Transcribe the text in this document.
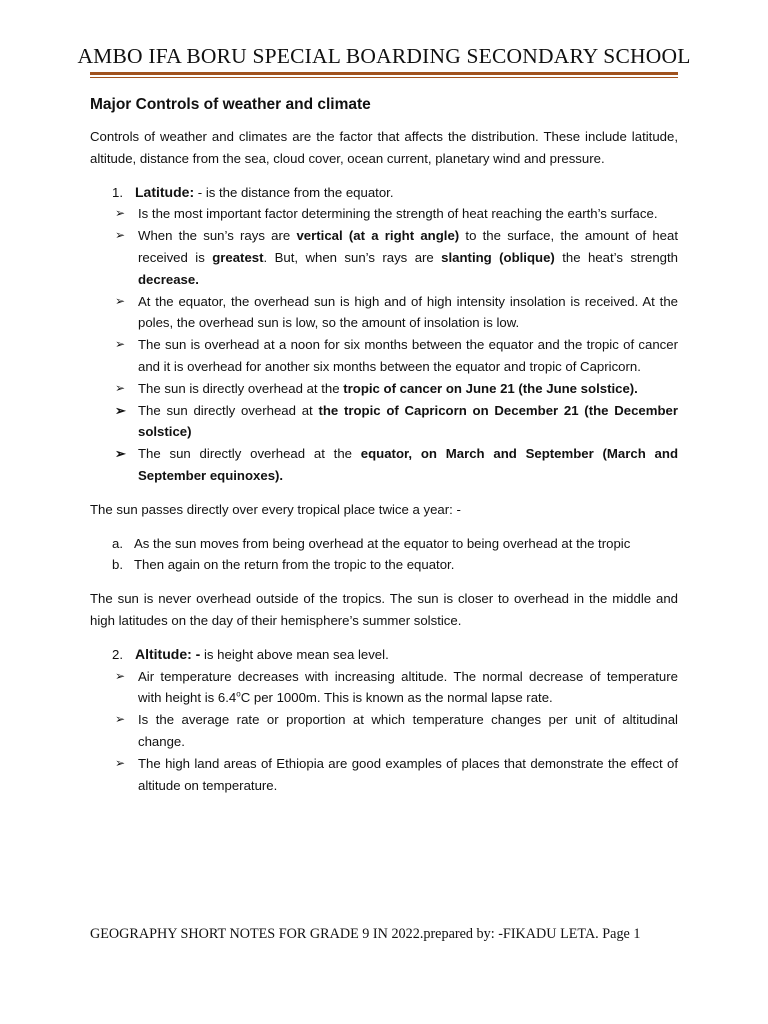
AMBO IFA BORU SPECIAL BOARDING SECONDARY SCHOOL
Major Controls of weather and climate

Controls of weather and climates are the factor that affects the distribution. These include latitude, altitude, distance from the sea, cloud cover, ocean current, planetary wind and pressure.

1. Latitude: - is the distance from the equator.
➢ Is the most important factor determining the strength of heat reaching the earth’s surface.
➢ When the sun’s rays are vertical (at a right angle) to the surface, the amount of heat received is greatest. But, when sun’s rays are slanting (oblique) the heat’s strength decrease.
➢ At the equator, the overhead sun is high and of high intensity insolation is received. At the poles, the overhead sun is low, so the amount of insolation is low.
➢ The sun is overhead at a noon for six months between the equator and the tropic of cancer and it is overhead for another six months between the equator and tropic of Capricorn.
➢ The sun is directly overhead at the tropic of cancer on June 21 (the June solstice).
➢ The sun directly overhead at the tropic of Capricorn on December 21 (the December solstice)
➢ The sun directly overhead at the equator, on March and September (March and September equinoxes).

The sun passes directly over every tropical place twice a year: -

a. As the sun moves from being overhead at the equator to being overhead at the tropic
b. Then again on the return from the tropic to the equator.

The sun is never overhead outside of the tropics. The sun is closer to overhead in the middle and high latitudes on the day of their hemisphere’s summer solstice.

2. Altitude: - is height above mean sea level.
➢ Air temperature decreases with increasing altitude. The normal decrease of temperature with height is 6.4$^o$C per 1000m. This is known as the normal lapse rate.
➢ Is the average rate or proportion at which temperature changes per unit of altitudinal change.
➢ The high land areas of Ethiopia are good examples of places that demonstrate the effect of altitude on temperature.
GEOGRAPHY SHORT NOTES FOR GRADE 9 IN 2022.prepared by: -FIKADU LETA. Page 1
